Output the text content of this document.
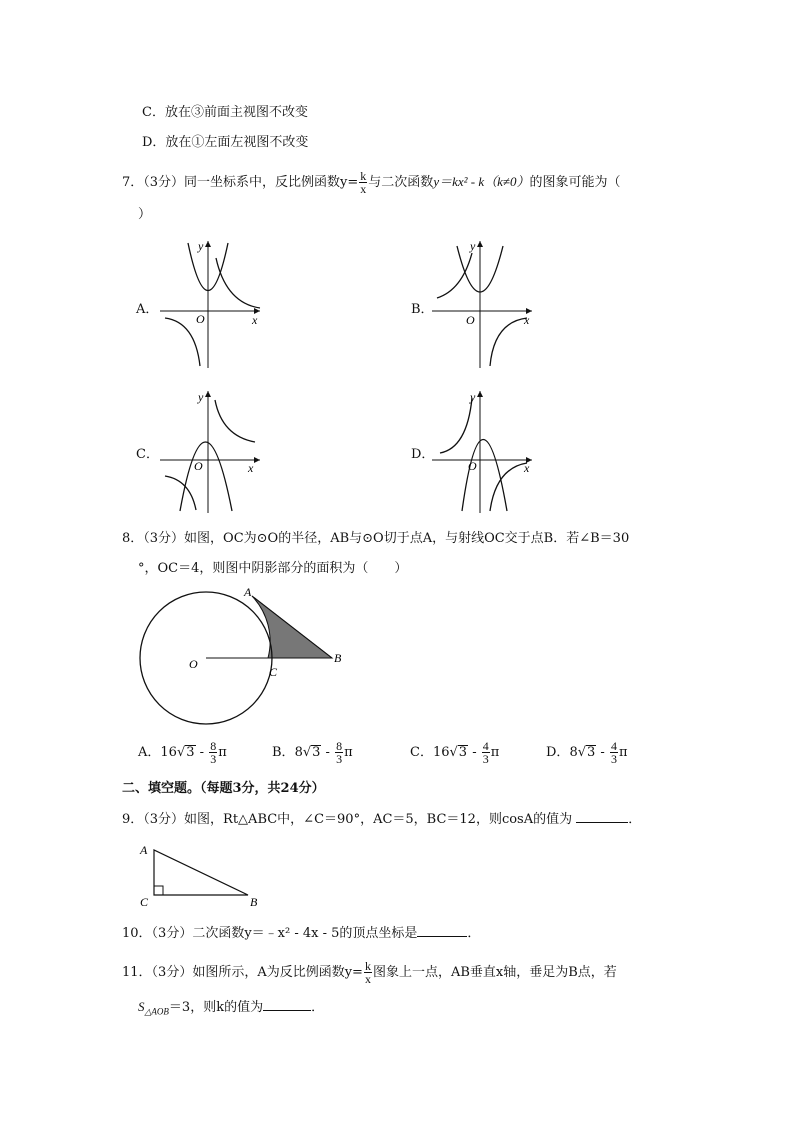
C．放在③前面主视图不改变
D．放在①左面左视图不改变
7．（3分）同一坐标系中，反比例函数$y= \frac{k}{x}$ 与二次函数y＝kx² - k（k≠0）的图象可能为（
）
A．	B．
C．	D．
y
x
O
y
x
O
y
x
O
y
x
O
8．（3分）如图，OC为⊙O的半径，AB与⊙O切于点A，与射线OC交于点B．若∠B＝30
°，OC＝4，则图中阴影部分的面积为（　　）
A
B
C
O
A．$16√3 - \frac{8}{3}$ π	B．$8√3 - \frac{8}{3}$ π	C．$16√3 - \frac{4}{3}$ π	D．$8√3 - \frac{4}{3}$ π
二、填空题。（每题3分，共24分）
9．（3分）如图，Rt△ABC中，∠C＝90°，AC＝5，BC＝12，则cosA的值为	．
A
C	B
10．（3分）二次函数y＝﹣x² - 4x - 5的顶点坐标是	．
11．（3分）如图所示，A为反比例函数$y= \frac{k}{x}$ 图象上一点，AB垂直x轴，垂足为B点，若
$S_{\triangle AOB}=3$，则k的值为	．
